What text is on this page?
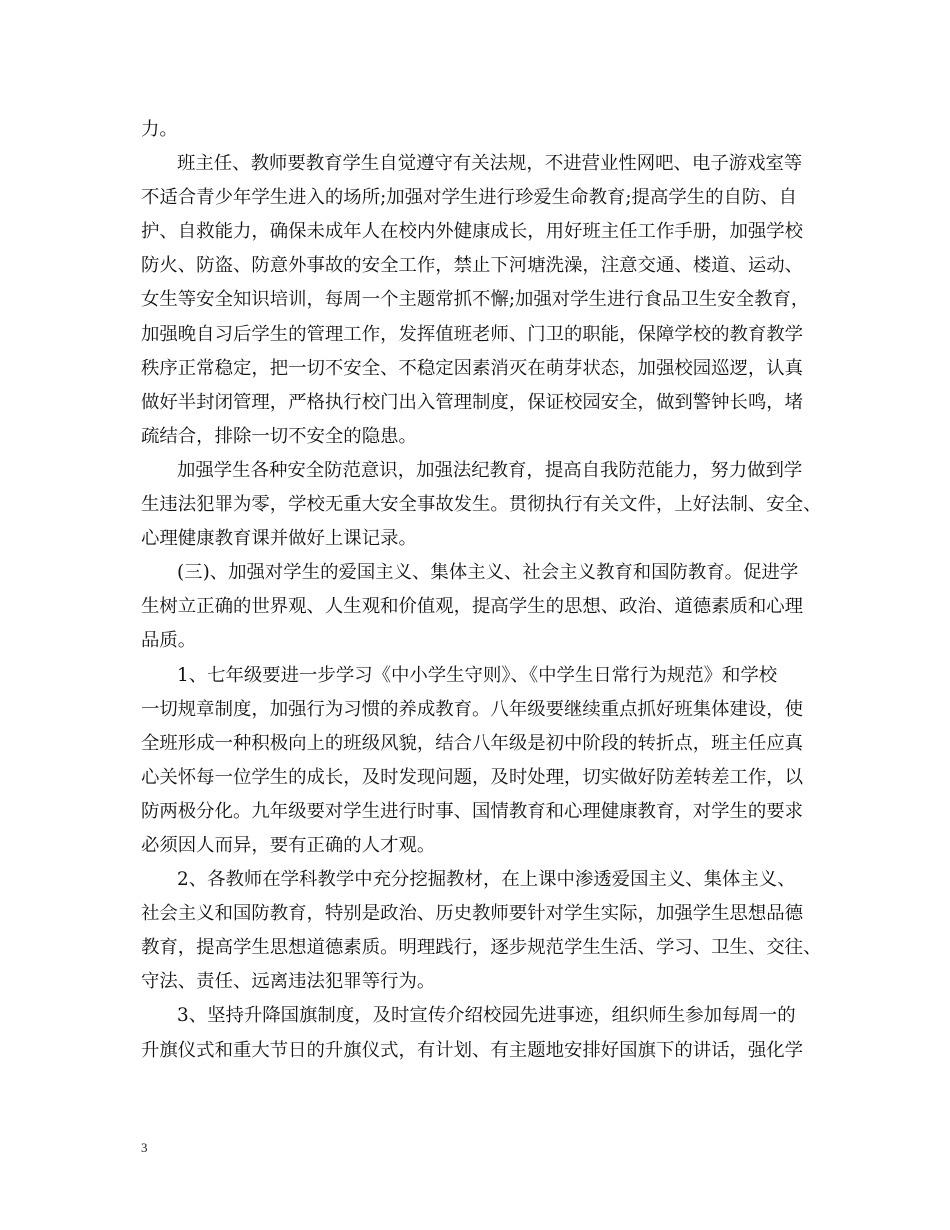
力。
班主任、教师要教育学生自觉遵守有关法规，不进营业性网吧、电子游戏室等
不适合青少年学生进入的场所;加强对学生进行珍爱生命教育;提高学生的自防、自
护、自救能力，确保未成年人在校内外健康成长，用好班主任工作手册，加强学校
防火、防盗、防意外事故的安全工作，禁止下河塘洗澡，注意交通、楼道、运动、
女生等安全知识培训，每周一个主题常抓不懈;加强对学生进行食品卫生安全教育，
加强晚自习后学生的管理工作，发挥值班老师、门卫的职能，保障学校的教育教学
秩序正常稳定，把一切不安全、不稳定因素消灭在萌芽状态，加强校园巡逻，认真
做好半封闭管理，严格执行校门出入管理制度，保证校园安全，做到警钟长鸣，堵
疏结合，排除一切不安全的隐患。
加强学生各种安全防范意识，加强法纪教育，提高自我防范能力，努力做到学
生违法犯罪为零，学校无重大安全事故发生。贯彻执行有关文件，上好法制、安全、
心理健康教育课并做好上课记录。
(三)、加强对学生的爱国主义、集体主义、社会主义教育和国防教育。促进学
生树立正确的世界观、人生观和价值观，提高学生的思想、政治、道德素质和心理
品质。
1、七年级要进一步学习《中小学生守则》、《中学生日常行为规范》和学校
一切规章制度，加强行为习惯的养成教育。八年级要继续重点抓好班集体建设，使
全班形成一种积极向上的班级风貌，结合八年级是初中阶段的转折点，班主任应真
心关怀每一位学生的成长，及时发现问题，及时处理，切实做好防差转差工作，以
防两极分化。九年级要对学生进行时事、国情教育和心理健康教育，对学生的要求
必须因人而异，要有正确的人才观。
2、各教师在学科教学中充分挖掘教材，在上课中渗透爱国主义、集体主义、
社会主义和国防教育，特别是政治、历史教师要针对学生实际，加强学生思想品德
教育，提高学生思想道德素质。明理践行，逐步规范学生生活、学习、卫生、交往、
守法、责任、远离违法犯罪等行为。
3、坚持升降国旗制度，及时宣传介绍校园先进事迹，组织师生参加每周一的
升旗仪式和重大节日的升旗仪式，有计划、有主题地安排好国旗下的讲话，强化学
3
